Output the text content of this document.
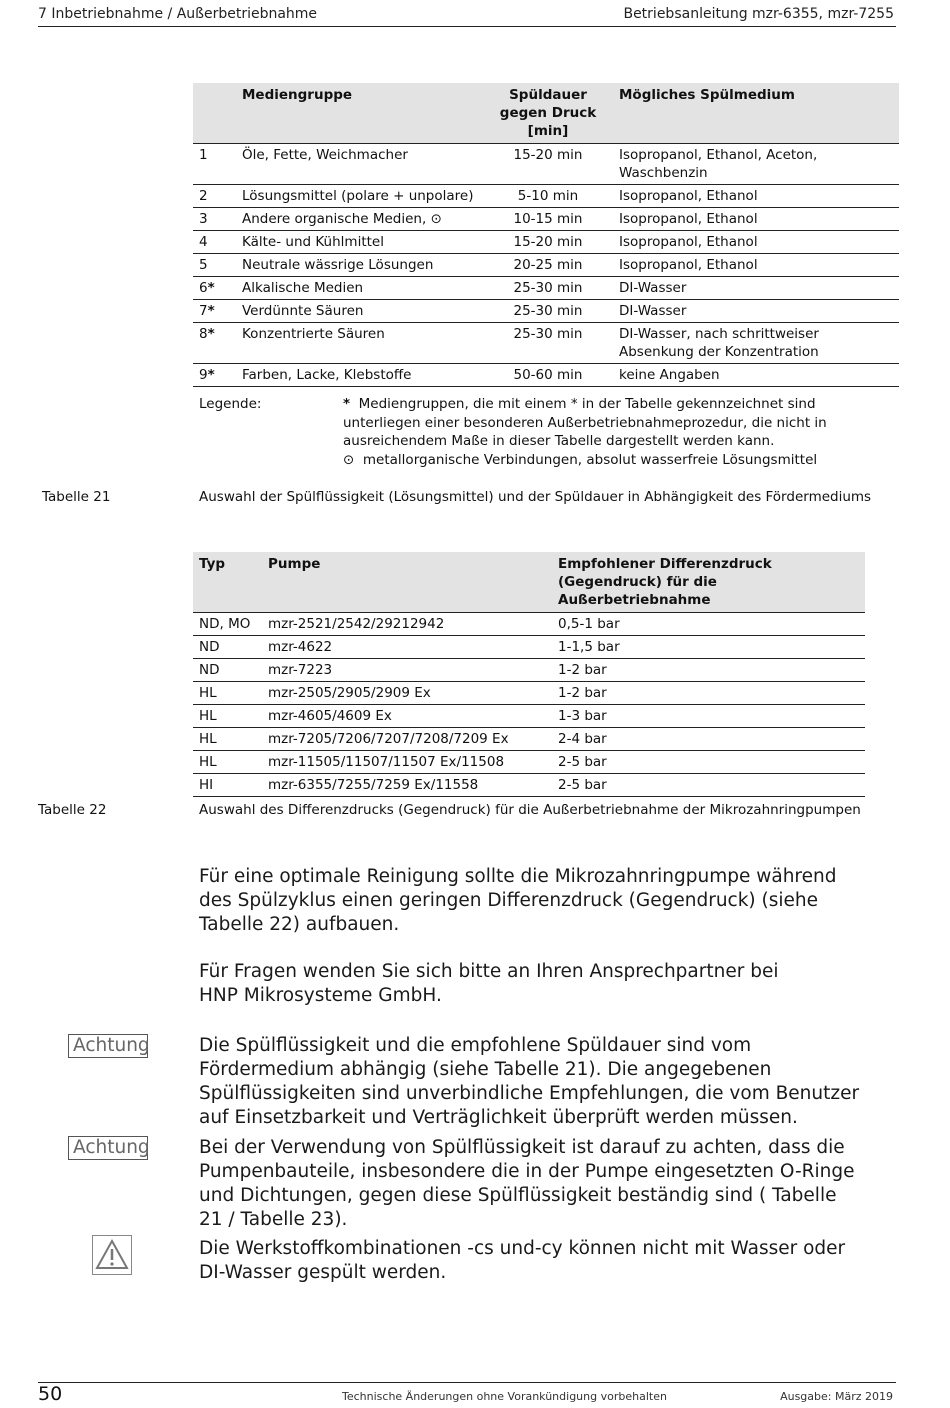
7 Inbetriebnahme / Außerbetriebnahme	Betriebsanleitung mzr-6355, mzr-7255
	Mediengruppe	Spüldauer gegen Druck [min]	Mögliches Spülmedium
1	Öle, Fette, Weichmacher	15-20 min	Isopropanol, Ethanol, Aceton, Waschbenzin
2	Lösungsmittel (polare + unpolare)	5-10 min	Isopropanol, Ethanol
3	Andere organische Medien, ⊙	10-15 min	Isopropanol, Ethanol
4	Kälte- und Kühlmittel	15-20 min	Isopropanol, Ethanol
5	Neutrale wässrige Lösungen	20-25 min	Isopropanol, Ethanol
6*	Alkalische Medien	25-30 min	DI-Wasser
7*	Verdünnte Säuren	25-30 min	DI-Wasser
8*	Konzentrierte Säuren	25-30 min	DI-Wasser, nach schrittweiser Absenkung der Konzentration
9*	Farben, Lacke, Klebstoffe	50-60 min	keine Angaben
Legende:	* Mediengruppen, die mit einem * in der Tabelle gekennzeichnet sind unterliegen einer besonderen Außerbetriebnahmeprozedur, die nicht in ausreichendem Maße in dieser Tabelle dargestellt werden kann.
⊙ metallorganische Verbindungen, absolut wasserfreie Lösungsmittel
Tabelle 21	Auswahl der Spülflüssigkeit (Lösungsmittel) und der Spüldauer in Abhängigkeit des Fördermediums
Typ	Pumpe	Empfohlener Differenzdruck (Gegendruck) für die Außerbetriebnahme
ND, MO	mzr-2521/2542/29212942	0,5-1 bar
ND	mzr-4622	1-1,5 bar
ND	mzr-7223	1-2 bar
HL	mzr-2505/2905/2909 Ex	1-2 bar
HL	mzr-4605/4609 Ex	1-3 bar
HL	mzr-7205/7206/7207/7208/7209 Ex	2-4 bar
HL	mzr-11505/11507/11507 Ex/11508	2-5 bar
HI	mzr-6355/7255/7259 Ex/11558	2-5 bar
Tabelle 22	Auswahl des Differenzdrucks (Gegendruck) für die Außerbetriebnahme der Mikrozahnringpumpen
Für eine optimale Reinigung sollte die Mikrozahnringpumpe während des Spülzyklus einen geringen Differenzdruck (Gegendruck) (siehe Tabelle 22) aufbauen.
Für Fragen wenden Sie sich bitte an Ihren Ansprechpartner bei
HNP Mikrosysteme GmbH.
Achtung	Die Spülflüssigkeit und die empfohlene Spüldauer sind vom Fördermedium abhängig (siehe Tabelle 21). Die angegebenen Spülflüssigkeiten sind unverbindliche Empfehlungen, die vom Benutzer auf Einsetzbarkeit und Verträglichkeit überprüft werden müssen.
Achtung	Bei der Verwendung von Spülflüssigkeit ist darauf zu achten, dass die Pumpenbauteile, insbesondere die in der Pumpe eingesetzten O-Ringe und Dichtungen, gegen diese Spülflüssigkeit beständig sind ( Tabelle 21 / Tabelle 23).
Die Werkstoffkombinationen -cs und-cy können nicht mit Wasser oder DI-Wasser gespült werden.
50	Technische Änderungen ohne Vorankündigung vorbehalten	Ausgabe: März 2019
